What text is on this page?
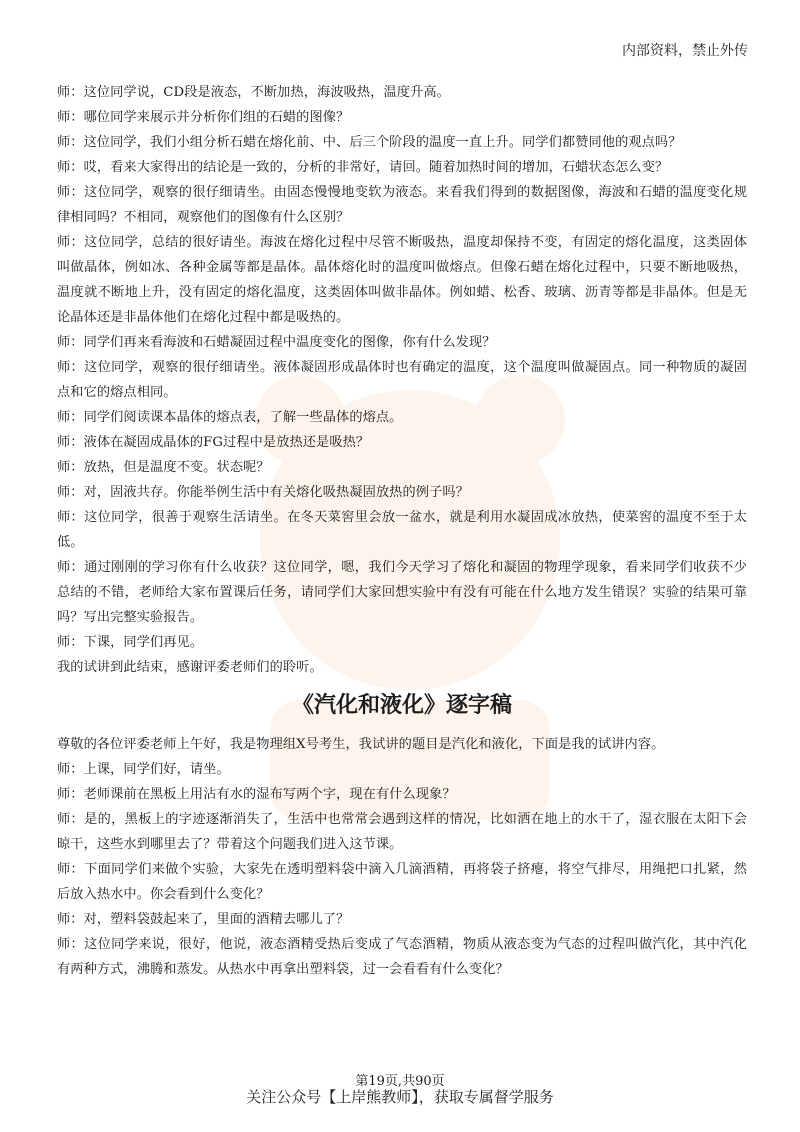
内部资料，禁止外传

师：这位同学说，CD段是液态，不断加热，海波吸热，温度升高。

师：哪位同学来展示并分析你们组的石蜡的图像？

师：这位同学，我们小组分析石蜡在熔化前、中、后三个阶段的温度一直上升。同学们都赞同他的观点吗？

师：哎，看来大家得出的结论是一致的，分析的非常好，请回。随着加热时间的增加，石蜡状态怎么变？

师：这位同学，观察的很仔细请坐。由固态慢慢地变软为液态。来看我们得到的数据图像，海波和石蜡的温度变化规律相同吗？不相同，观察他们的图像有什么区别？

师：这位同学，总结的很好请坐。海波在熔化过程中尽管不断吸热，温度却保持不变，有固定的熔化温度，这类固体叫做晶体，例如冰、各种金属等都是晶体。晶体熔化时的温度叫做熔点。但像石蜡在熔化过程中，只要不断地吸热，温度就不断地上升，没有固定的熔化温度，这类固体叫做非晶体。例如蜡、松香、玻璃、沥青等都是非晶体。但是无论晶体还是非晶体他们在熔化过程中都是吸热的。

师：同学们再来看海波和石蜡凝固过程中温度变化的图像，你有什么发现？

师：这位同学，观察的很仔细请坐。液体凝固形成晶体时也有确定的温度，这个温度叫做凝固点。同一种物质的凝固点和它的熔点相同。

师：同学们阅读课本晶体的熔点表，了解一些晶体的熔点。

师：液体在凝固成晶体的FG过程中是放热还是吸热？

师：放热，但是温度不变。状态呢？

师：对，固液共存。你能举例生活中有关熔化吸热凝固放热的例子吗？

师：这位同学，很善于观察生活请坐。在冬天菜窖里会放一盆水，就是利用水凝固成冰放热，使菜窖的温度不至于太低。

师：通过刚刚的学习你有什么收获？这位同学，嗯，我们今天学习了熔化和凝固的物理学现象，看来同学们收获不少总结的不错，老师给大家布置课后任务，请同学们大家回想实验中有没有可能在什么地方发生错误？实验的结果可靠吗？写出完整实验报告。

师：下课，同学们再见。

我的试讲到此结束，感谢评委老师们的聆听。

《汽化和液化》逐字稿

尊敬的各位评委老师上午好，我是物理组X号考生，我试讲的题目是汽化和液化，下面是我的试讲内容。

师：上课，同学们好，请坐。

师：老师课前在黑板上用沾有水的湿布写两个字，现在有什么现象？

师：是的，黑板上的字迹逐渐消失了，生活中也常常会遇到这样的情况，比如洒在地上的水干了，湿衣服在太阳下会晾干，这些水到哪里去了？带着这个问题我们进入这节课。

师：下面同学们来做个实验，大家先在透明塑料袋中滴入几滴酒精，再将袋子挤瘪，将空气排尽，用绳把口扎紧，然后放入热水中。你会看到什么变化？

师：对，塑料袋鼓起来了，里面的酒精去哪儿了？

师：这位同学来说，很好，他说，液态酒精受热后变成了气态酒精，物质从液态变为气态的过程叫做汽化，其中汽化有两种方式，沸腾和蒸发。从热水中再拿出塑料袋，过一会看看有什么变化？

第19页,共90页
关注公众号【上岸熊教师】，获取专属督学服务
